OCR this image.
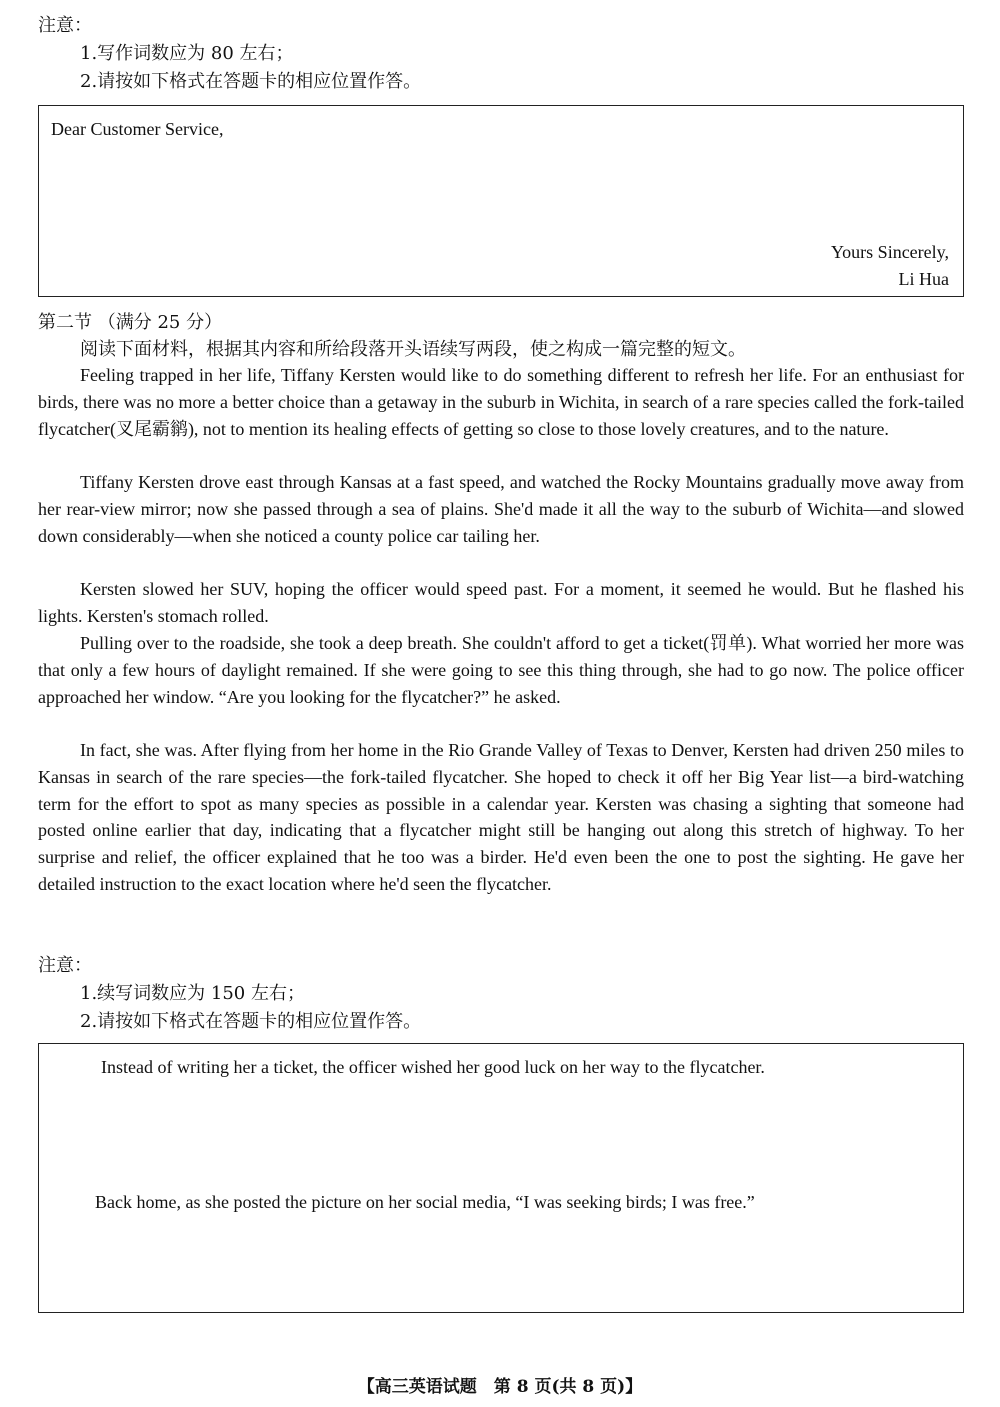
注意：
1.写作词数应为 80 左右；
2.请按如下格式在答题卡的相应位置作答。
Dear Customer Service,
Yours Sincerely,
Li Hua
第二节 （满分 25 分）
阅读下面材料，根据其内容和所给段落开头语续写两段，使之构成一篇完整的短文。

Feeling trapped in her life, Tiffany Kersten would like to do something different to refresh her life. For an enthusiast for birds, there was no more a better choice than a getaway in the suburb in Wichita, in search of a rare species called the fork-tailed flycatcher(叉尾霸鹟), not to mention its healing effects of getting so close to those lovely creatures, and to the nature.

Tiffany Kersten drove east through Kansas at a fast speed, and watched the Rocky Mountains gradually move away from her rear-view mirror; now she passed through a sea of plains. She'd made it all the way to the suburb of Wichita—and slowed down considerably—when she noticed a county police car tailing her.

Kersten slowed her SUV, hoping the officer would speed past. For a moment, it seemed he would. But he flashed his lights. Kersten's stomach rolled.

Pulling over to the roadside, she took a deep breath. She couldn't afford to get a ticket(罚单). What worried her more was that only a few hours of daylight remained. If she were going to see this thing through, she had to go now. The police officer approached her window. “Are you looking for the flycatcher?” he asked.

In fact, she was. After flying from her home in the Rio Grande Valley of Texas to Denver, Kersten had driven 250 miles to Kansas in search of the rare species—the fork-tailed flycatcher. She hoped to check it off her Big Year list—a bird-watching term for the effort to spot as many species as possible in a calendar year. Kersten was chasing a sighting that someone had posted online earlier that day, indicating that a flycatcher might still be hanging out along this stretch of highway. To her surprise and relief, the officer explained that he too was a birder. He'd even been the one to post the sighting. He gave her detailed instruction to the exact location where he'd seen the flycatcher.

注意：
1.续写词数应为 150 左右；
2.请按如下格式在答题卡的相应位置作答。

Instead of writing her a ticket, the officer wished her good luck on her way to the flycatcher.

Back home, as she posted the picture on her social media, “I was seeking birds; I was free.”

【高三英语试题　第 8 页(共 8 页)】
